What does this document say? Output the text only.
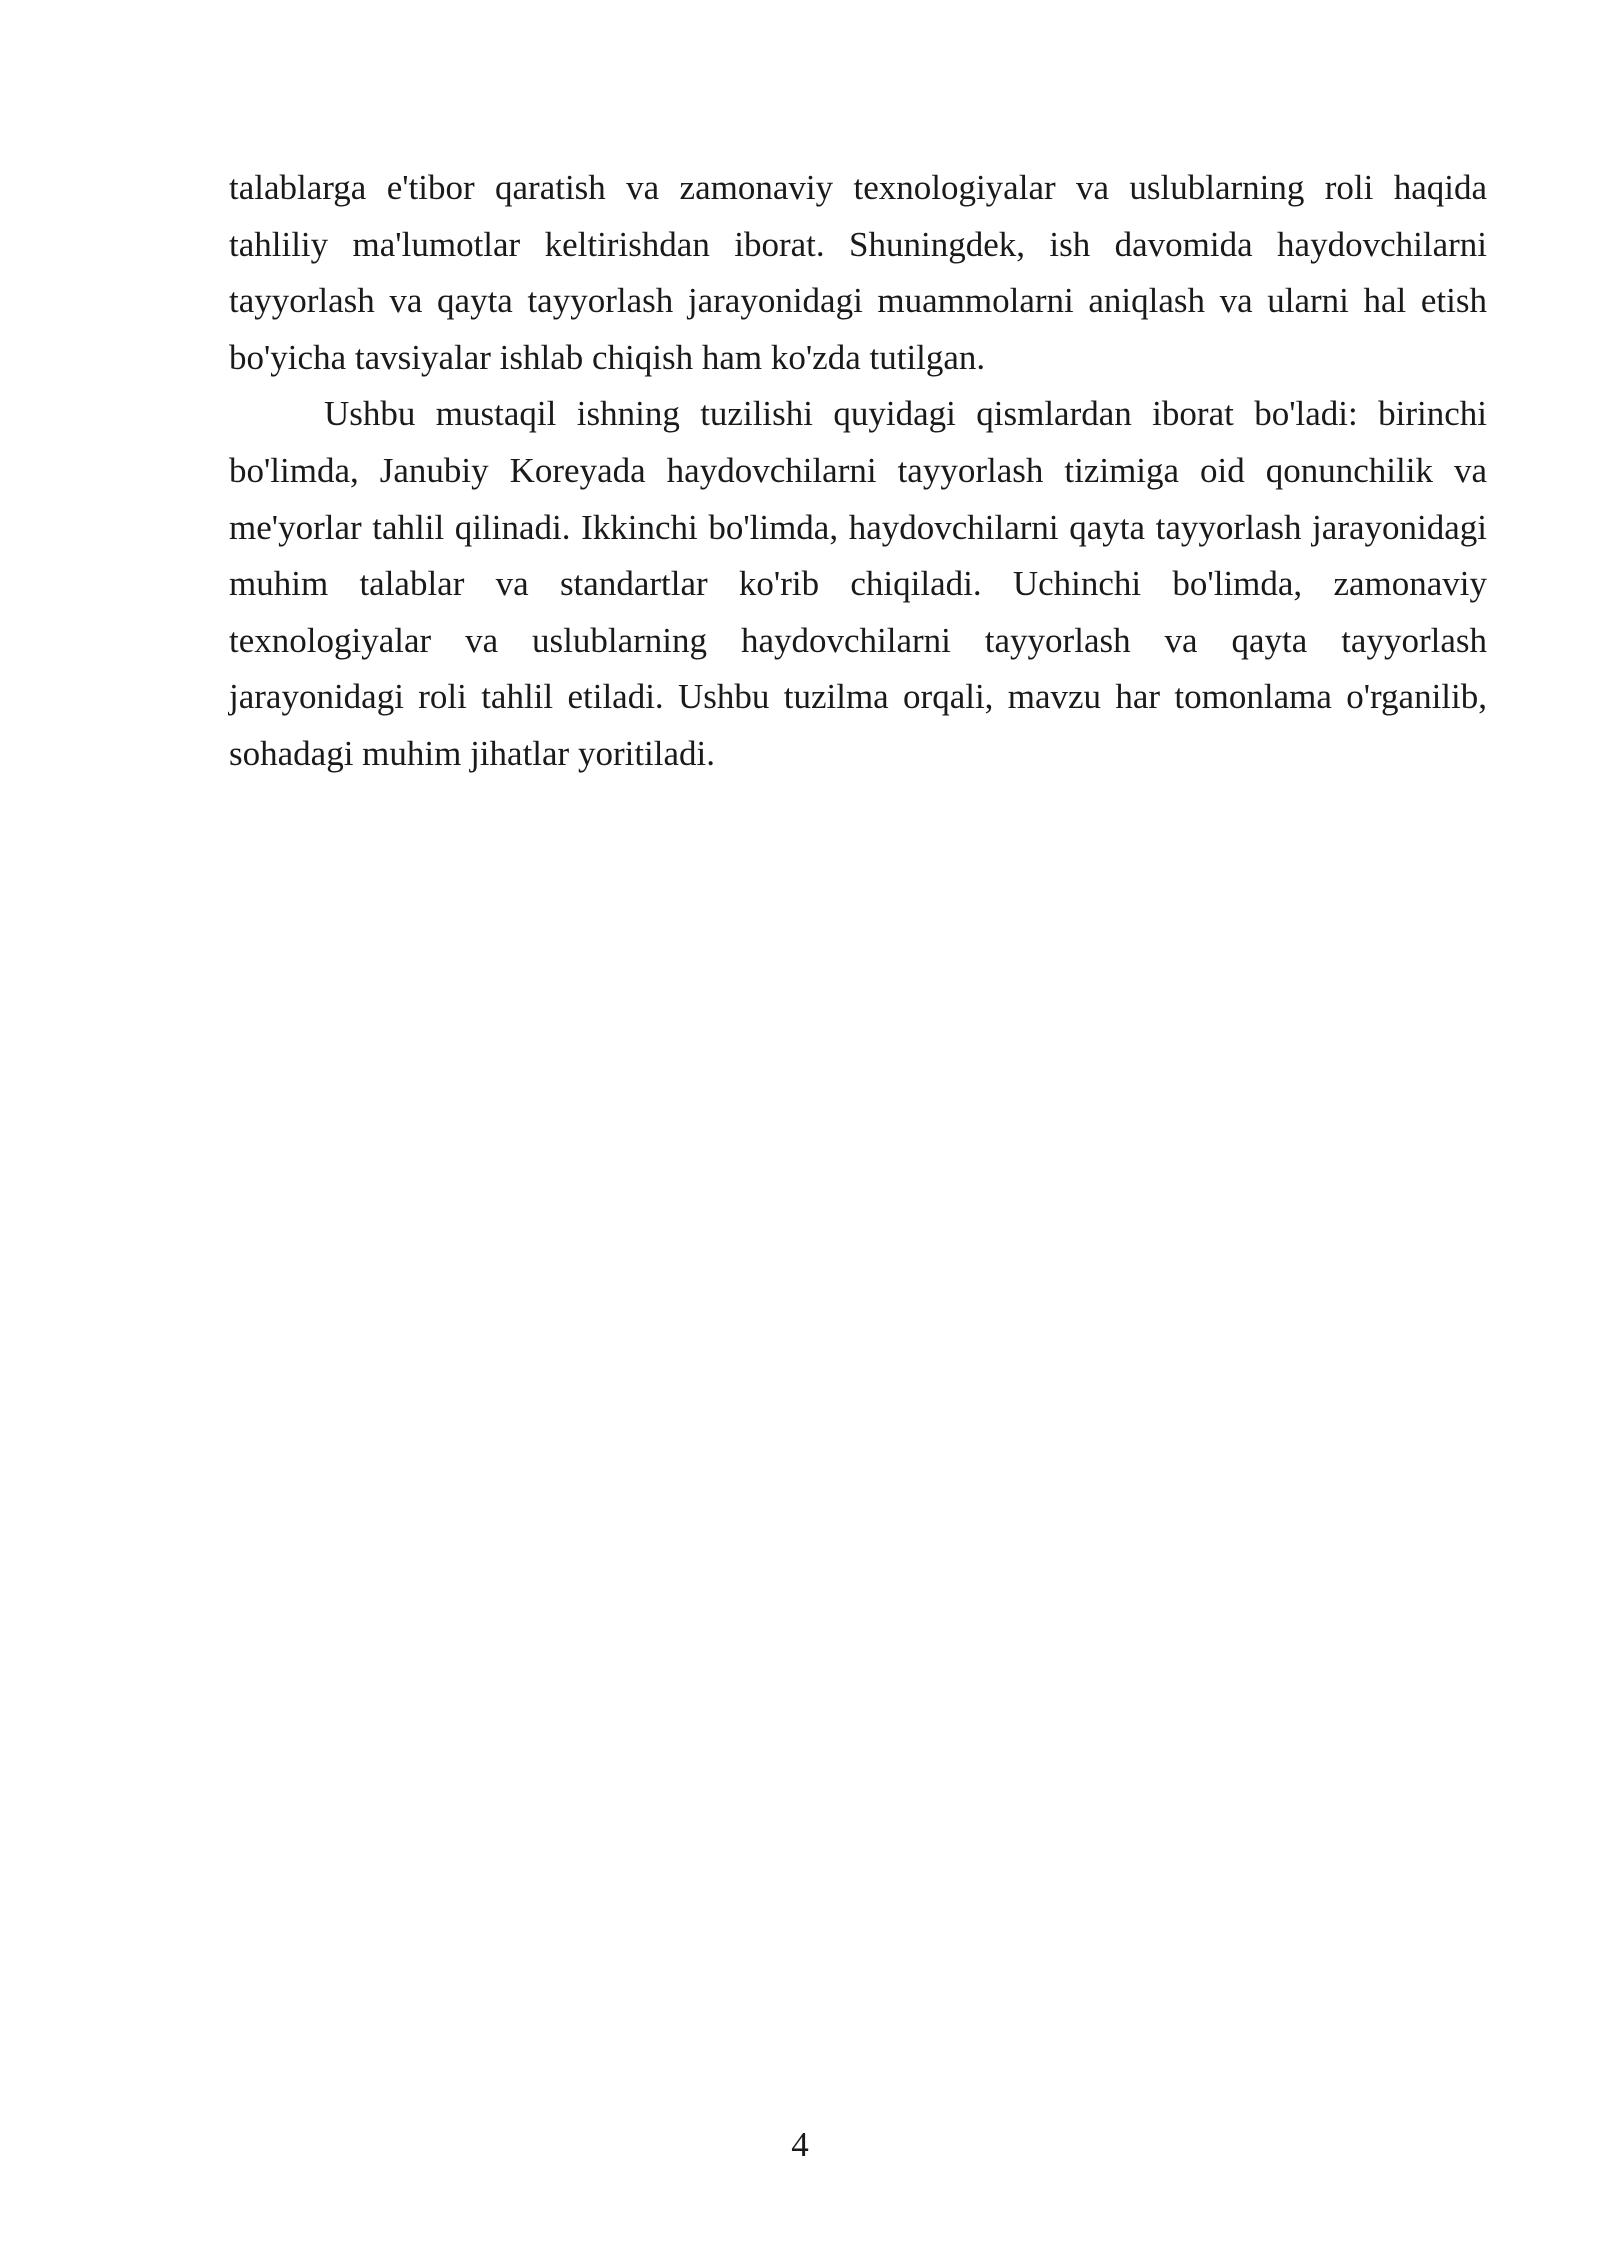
talablarga e'tibor qaratish va zamonaviy texnologiyalar va uslublarning roli haqida tahliliy ma'lumotlar keltirishdan iborat. Shuningdek, ish davomida haydovchilarni tayyorlash va qayta tayyorlash jarayonidagi muammolarni aniqlash va ularni hal etish bo'yicha tavsiyalar ishlab chiqish ham ko'zda tutilgan.

Ushbu mustaqil ishning tuzilishi quyidagi qismlardan iborat bo'ladi: birinchi bo'limda, Janubiy Koreyada haydovchilarni tayyorlash tizimiga oid qonunchilik va me'yorlar tahlil qilinadi. Ikkinchi bo'limda, haydovchilarni qayta tayyorlash jarayonidagi muhim talablar va standartlar ko'rib chiqiladi. Uchinchi bo'limda, zamonaviy texnologiyalar va uslublarning haydovchilarni tayyorlash va qayta tayyorlash jarayonidagi roli tahlil etiladi. Ushbu tuzilma orqali, mavzu har tomonlama o'rganilib, sohadagi muhim jihatlar yoritiladi.

4
